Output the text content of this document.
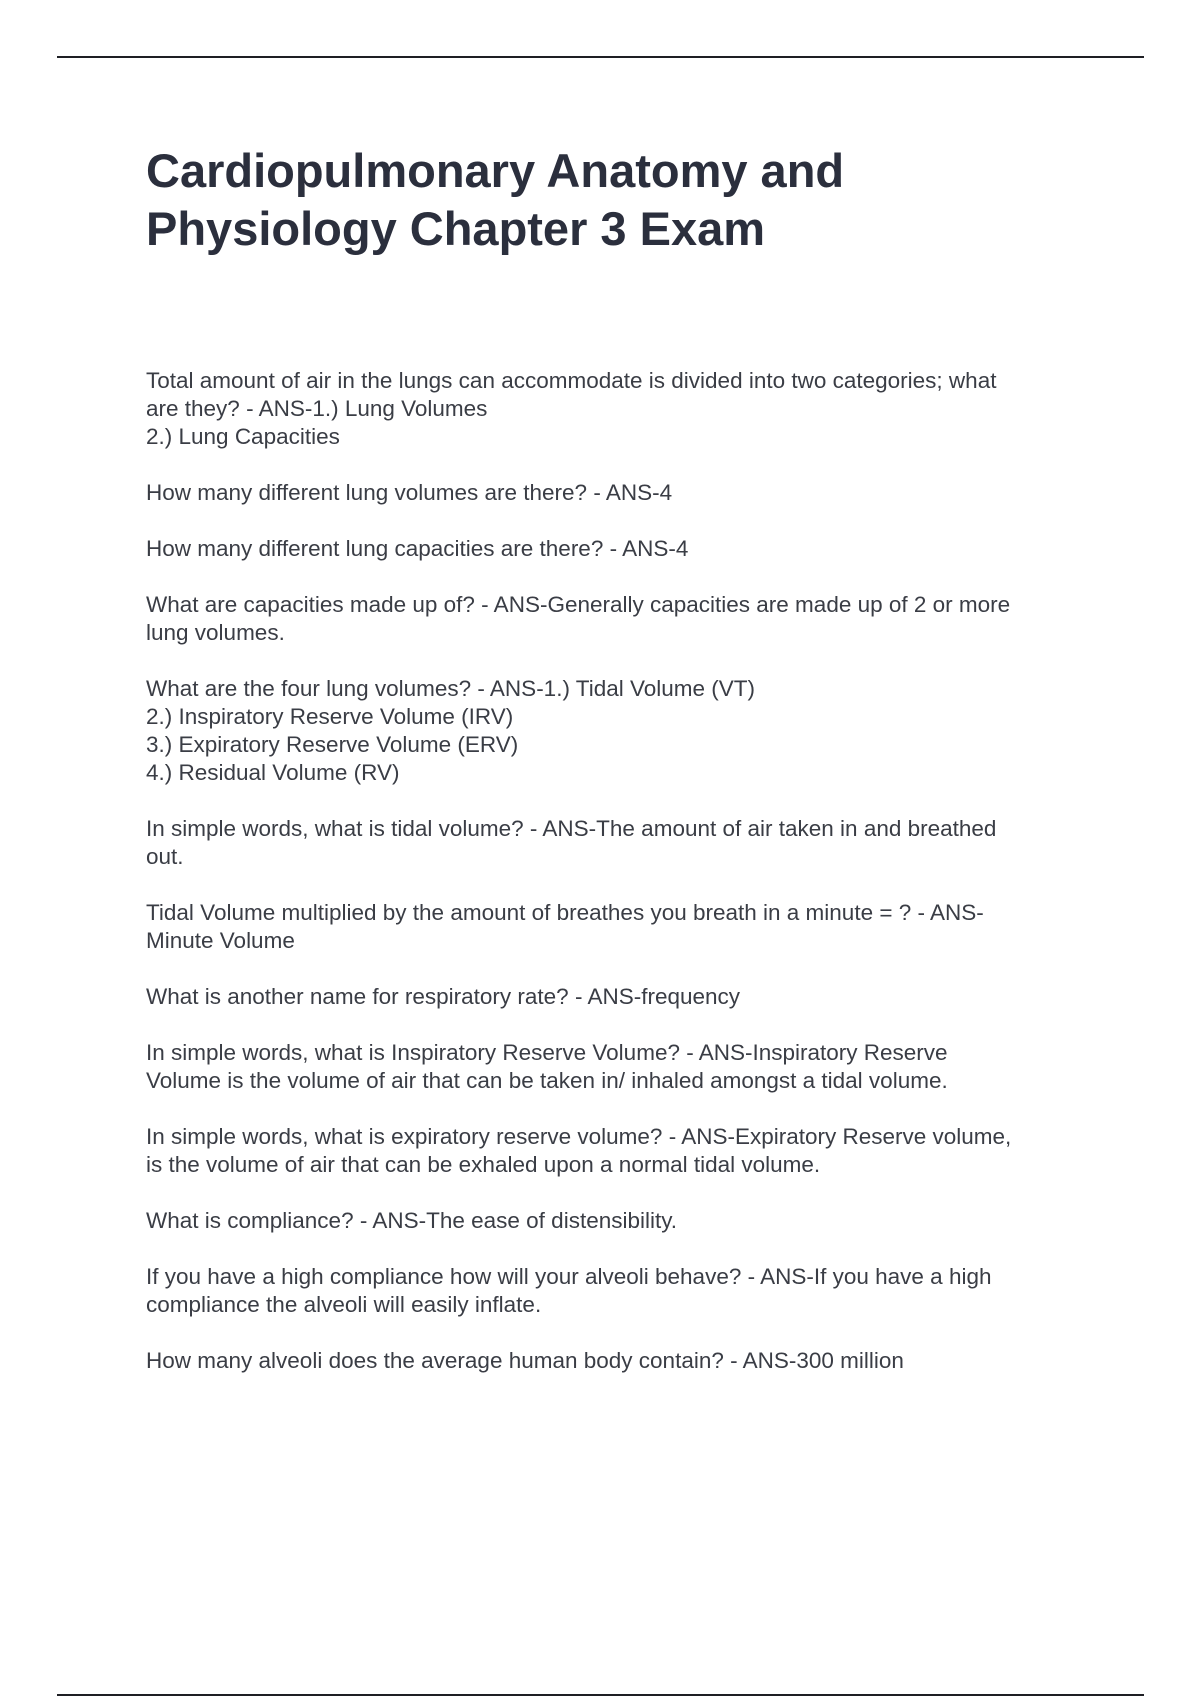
Cardiopulmonary Anatomy and
Physiology Chapter 3 Exam

Total amount of air in the lungs can accommodate is divided into two categories; what
are they? - ANS-1.) Lung Volumes
2.) Lung Capacities

How many different lung volumes are there? - ANS-4

How many different lung capacities are there? - ANS-4

What are capacities made up of? - ANS-Generally capacities are made up of 2 or more
lung volumes.

What are the four lung volumes? - ANS-1.) Tidal Volume (VT)
2.) Inspiratory Reserve Volume (IRV)
3.) Expiratory Reserve Volume (ERV)
4.) Residual Volume (RV)

In simple words, what is tidal volume? - ANS-The amount of air taken in and breathed
out.

Tidal Volume multiplied by the amount of breathes you breath in a minute = ? - ANS-
Minute Volume

What is another name for respiratory rate? - ANS-frequency

In simple words, what is Inspiratory Reserve Volume? - ANS-Inspiratory Reserve
Volume is the volume of air that can be taken in/ inhaled amongst a tidal volume.

In simple words, what is expiratory reserve volume? - ANS-Expiratory Reserve volume,
is the volume of air that can be exhaled upon a normal tidal volume.

What is compliance? - ANS-The ease of distensibility.

If you have a high compliance how will your alveoli behave? - ANS-If you have a high
compliance the alveoli will easily inflate.

How many alveoli does the average human body contain? - ANS-300 million
